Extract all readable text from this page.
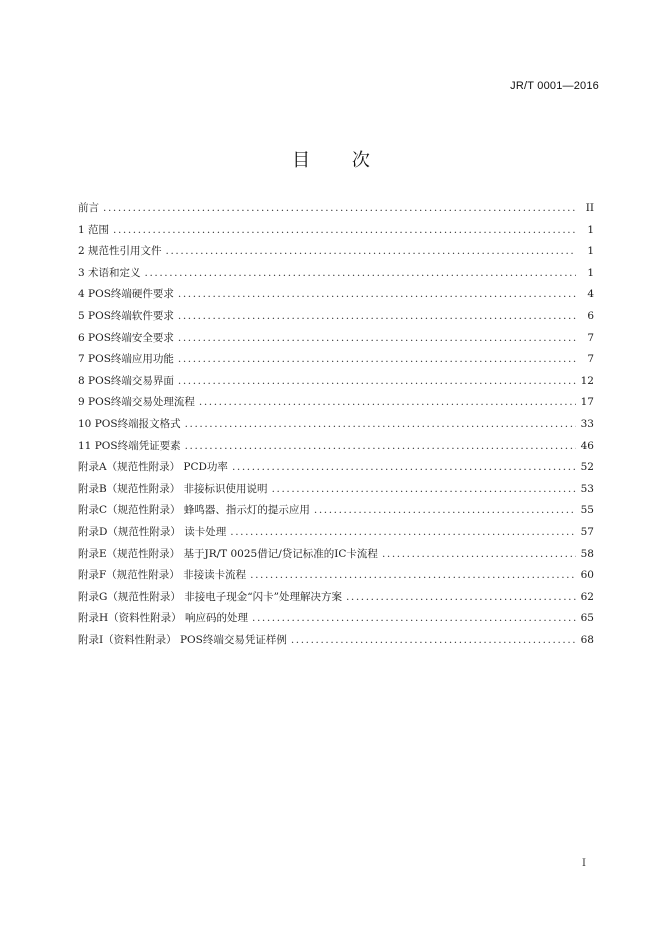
JR/T 0001—2016
目 次
前言 .....	II
1 范围 .....	1
2 规范性引用文件 .....	1
3 术语和定义 .....	1
4 POS终端硬件要求 .....	4
5 POS终端软件要求 .....	6
6 POS终端安全要求 .....	7
7 POS终端应用功能 .....	7
8 POS终端交易界面 .....	12
9 POS终端交易处理流程 .....	17
10 POS终端报文格式 .....	33
11 POS终端凭证要素 .....	46
附录A（规范性附录） PCD功率 .....	52
附录B（规范性附录） 非接标识使用说明 .....	53
附录C（规范性附录） 蜂鸣器、指示灯的提示应用 .....	55
附录D（规范性附录） 读卡处理 .....	57
附录E（规范性附录） 基于JR/T 0025借记/贷记标准的IC卡流程 .....	58
附录F（规范性附录） 非接读卡流程 .....	60
附录G（规范性附录） 非接电子现金“闪卡”处理解决方案 .....	62
附录H（资料性附录） 响应码的处理 .....	65
附录I（资料性附录） POS终端交易凭证样例 .....	68
I
